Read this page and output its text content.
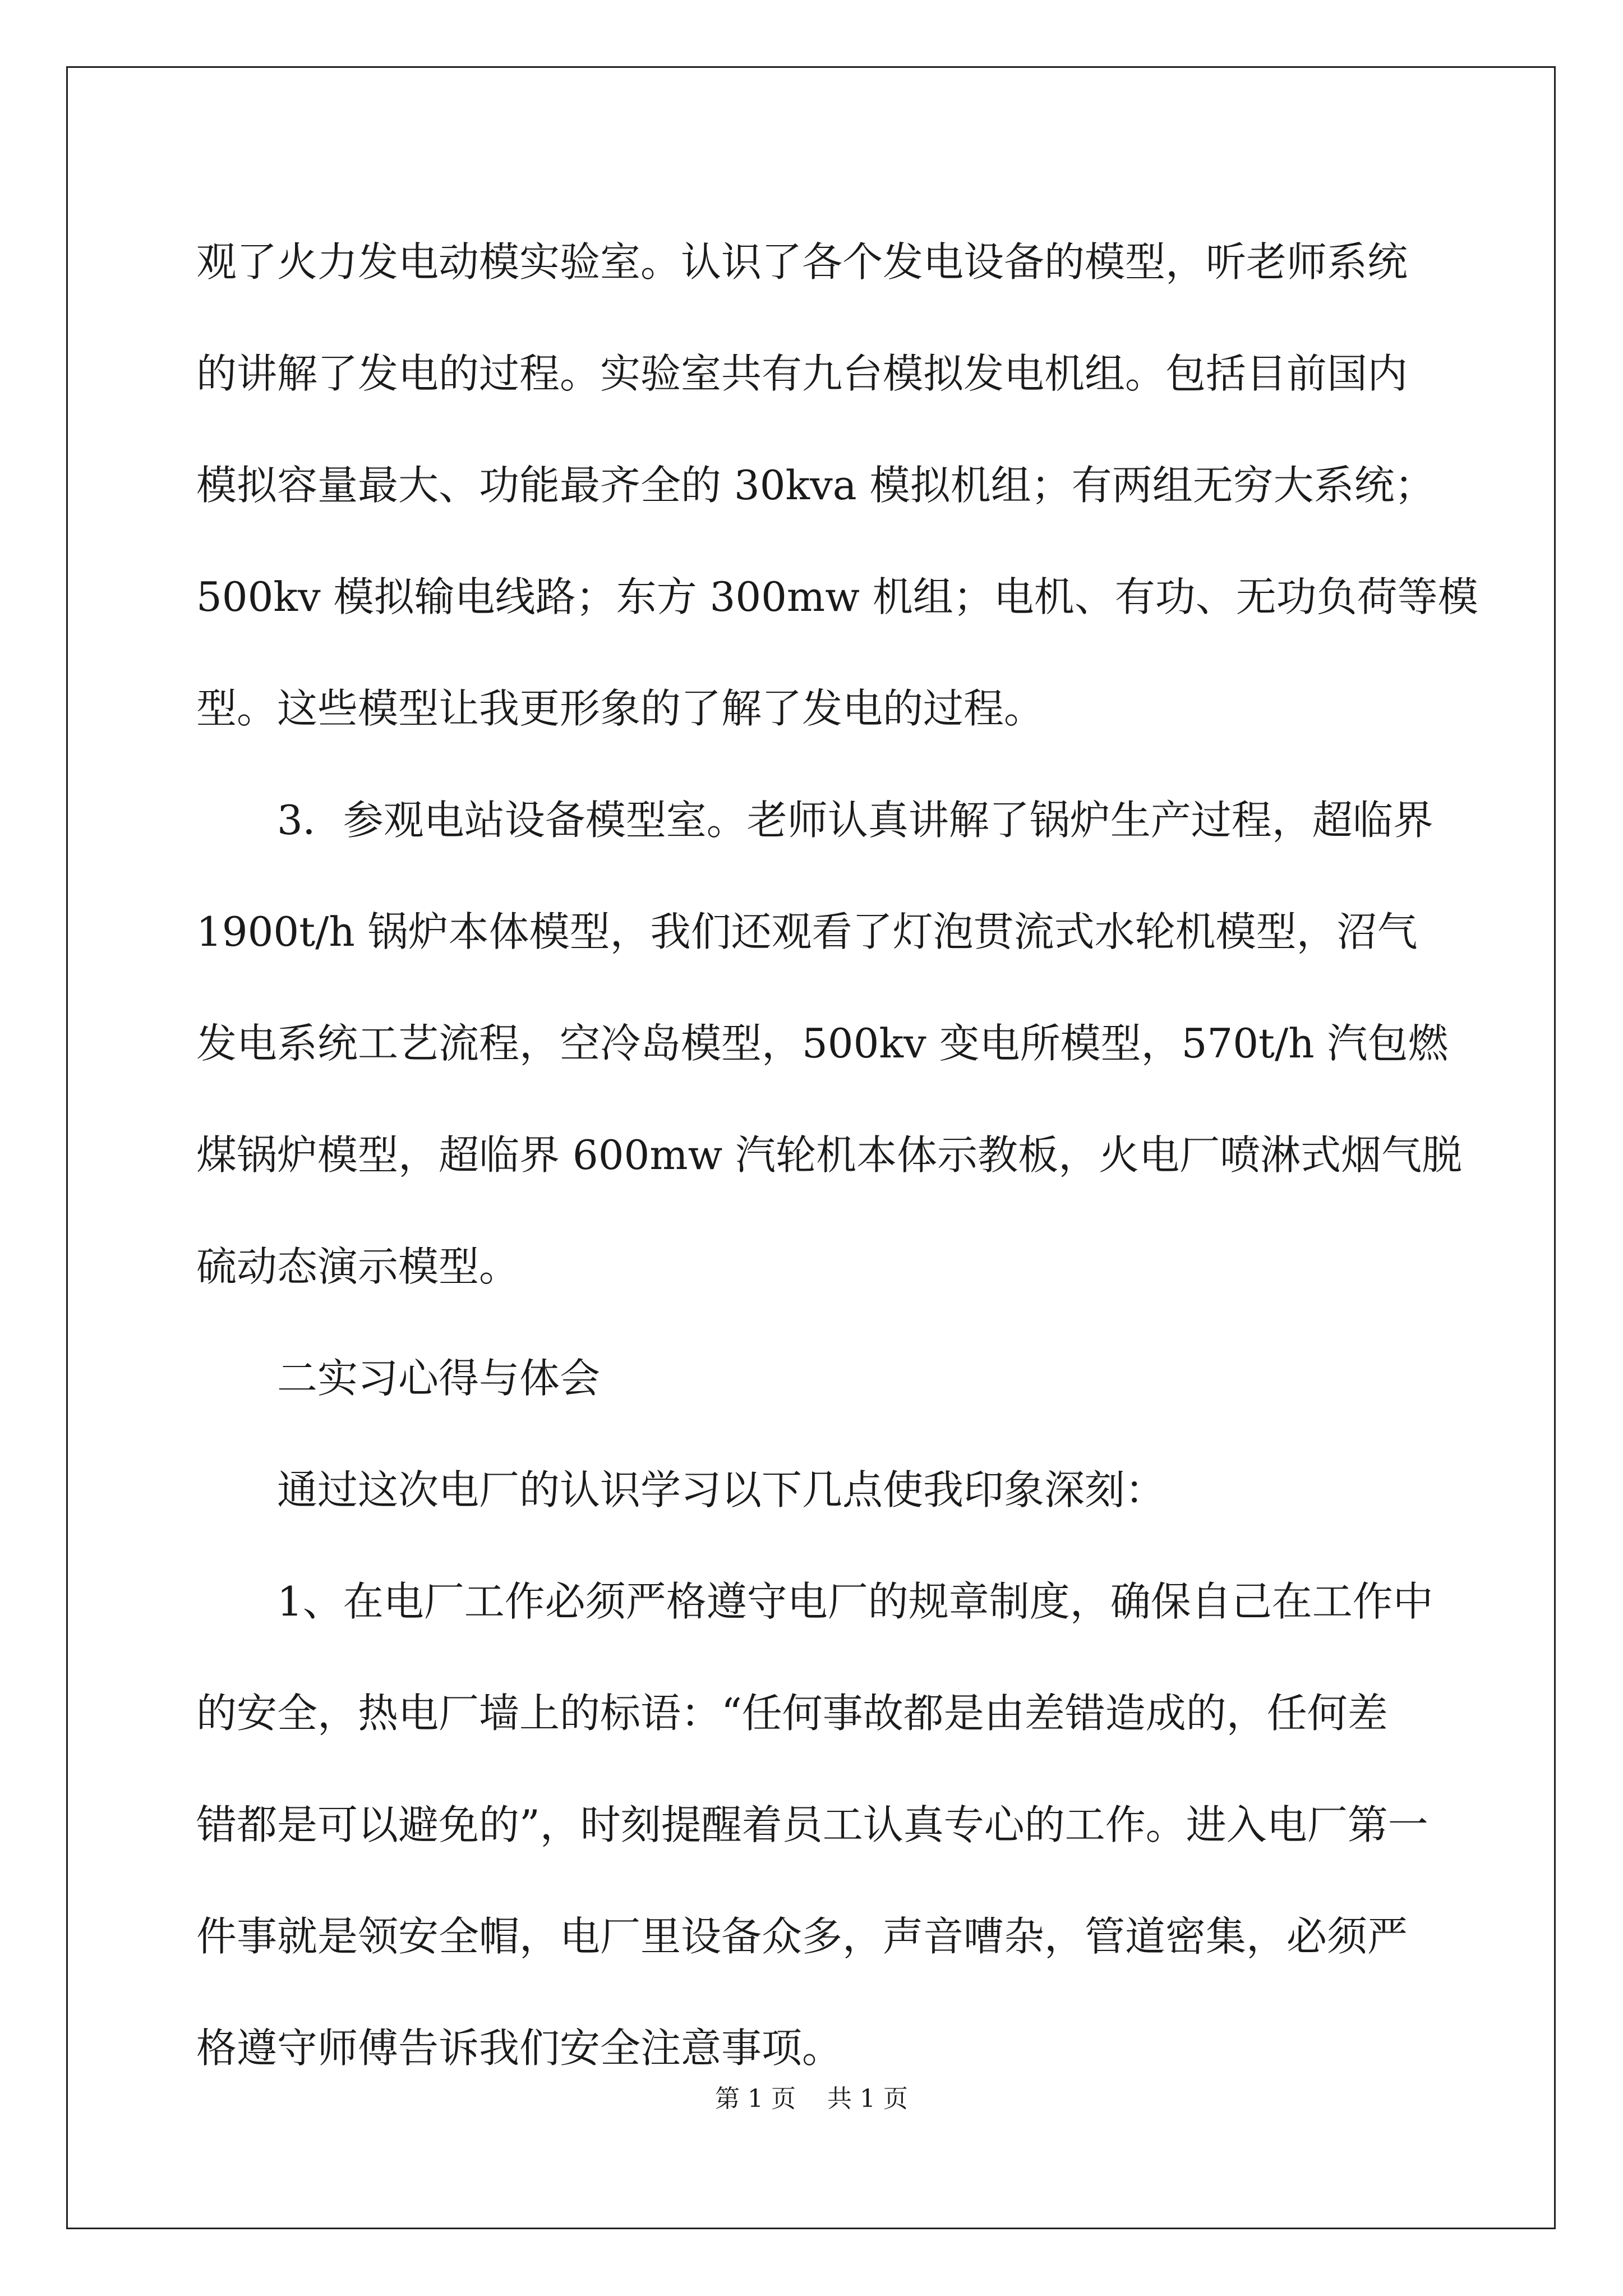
观了火力发电动模实验室。认识了各个发电设备的模型，听老师系统
的讲解了发电的过程。实验室共有九台模拟发电机组。包括目前国内
模拟容量最大、功能最齐全的 30kva 模拟机组；有两组无穷大系统；
500kv 模拟输电线路；东方 300mw 机组；电机、有功、无功负荷等模
型。这些模型让我更形象的了解了发电的过程。
3．参观电站设备模型室。老师认真讲解了锅炉生产过程，超临界
1900t/h 锅炉本体模型，我们还观看了灯泡贯流式水轮机模型，沼气
发电系统工艺流程，空冷岛模型，500kv 变电所模型，570t/h 汽包燃
煤锅炉模型，超临界 600mw 汽轮机本体示教板，火电厂喷淋式烟气脱
硫动态演示模型。
二实习心得与体会
通过这次电厂的认识学习以下几点使我印象深刻：
1、在电厂工作必须严格遵守电厂的规章制度，确保自己在工作中
的安全，热电厂墙上的标语：“任何事故都是由差错造成的，任何差
错都是可以避免的”，时刻提醒着员工认真专心的工作。进入电厂第一
件事就是领安全帽，电厂里设备众多，声音嘈杂，管道密集，必须严
格遵守师傅告诉我们安全注意事项。
第 1 页 共 1 页
